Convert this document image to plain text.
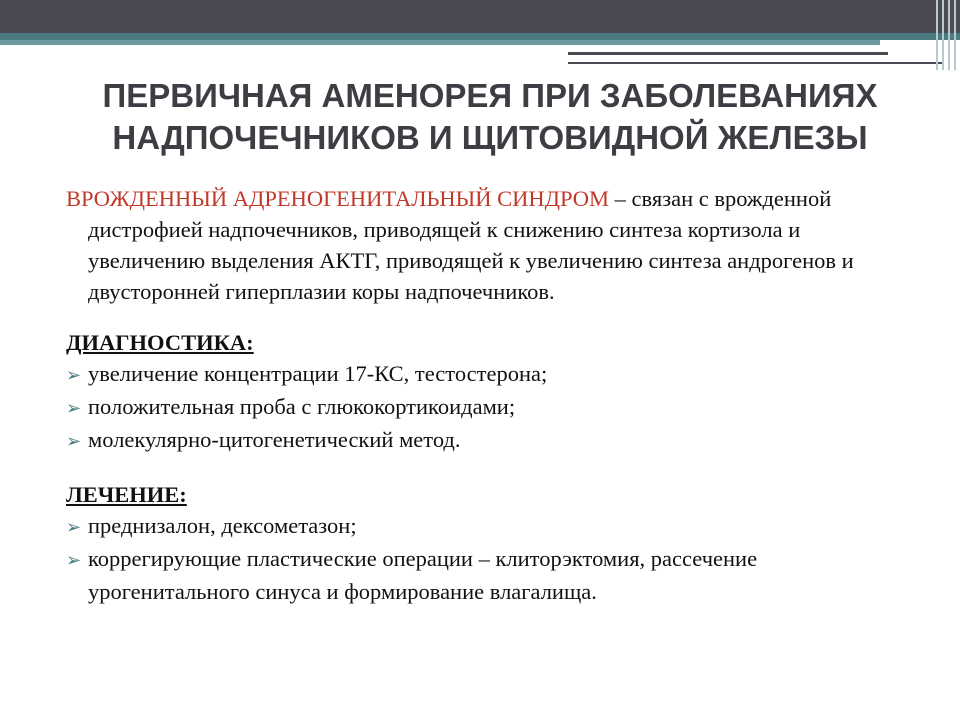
ПЕРВИЧНАЯ АМЕНОРЕЯ ПРИ ЗАБОЛЕВАНИЯХ
НАДПОЧЕЧНИКОВ И ЩИТОВИДНОЙ ЖЕЛЕЗЫ

ВРОЖДЕННЫЙ АДРЕНОГЕНИТАЛЬНЫЙ СИНДРОМ – связан с врожденной дистрофией надпочечников, приводящей к снижению синтеза кортизола и увеличению выделения АКТГ, приводящей к увеличению синтеза андрогенов и двусторонней гиперплазии коры надпочечников.

ДИАГНОСТИКА:

➢ увеличение концентрации 17-КС, тестостерона;

➢ положительная проба с глюкокортикоидами;

➢ молекулярно-цитогенетический метод.

ЛЕЧЕНИЕ:

➢ преднизалон, дексометазон;

➢ коррегирующие пластические операции – клиторэктомия, рассечение урогенитального синуса и формирование влагалища.
